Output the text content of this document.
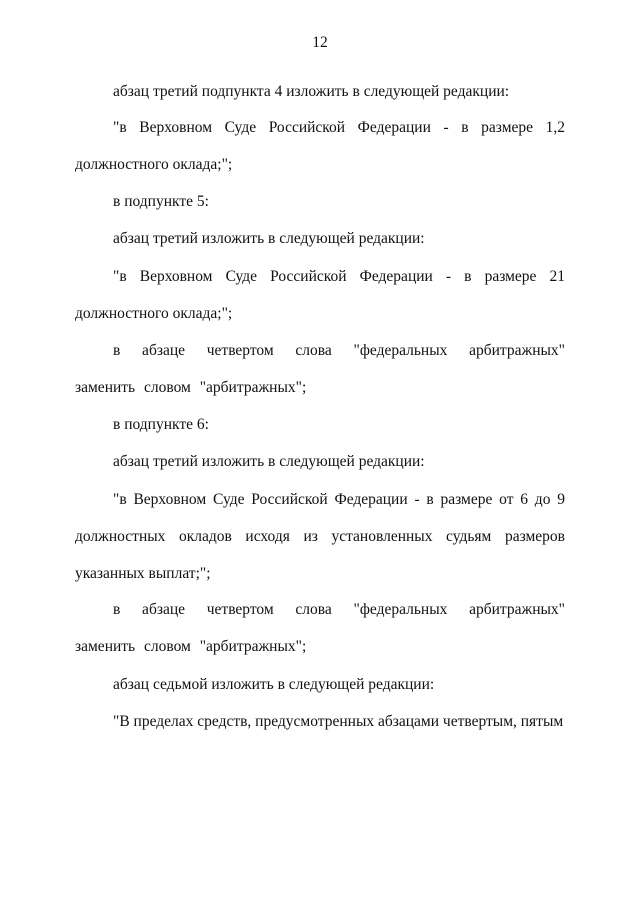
12
абзац третий подпункта 4 изложить в следующей редакции:
"в Верховном Суде Российской Федерации - в размере 1,2 должностного оклада;";
в подпункте 5:
абзац третий изложить в следующей редакции:
"в Верховном Суде Российской Федерации - в размере 21 должностного оклада;";
в абзаце четвертом слова "федеральных арбитражных" заменить словом "арбитражных";
в подпункте 6:
абзац третий изложить в следующей редакции:
"в Верховном Суде Российской Федерации - в размере от 6 до 9 должностных окладов исходя из установленных судьям размеров указанных выплат;";
в абзаце четвертом слова "федеральных арбитражных" заменить словом "арбитражных";
абзац седьмой изложить в следующей редакции:
"В пределах средств, предусмотренных абзацами четвертым, пятым
